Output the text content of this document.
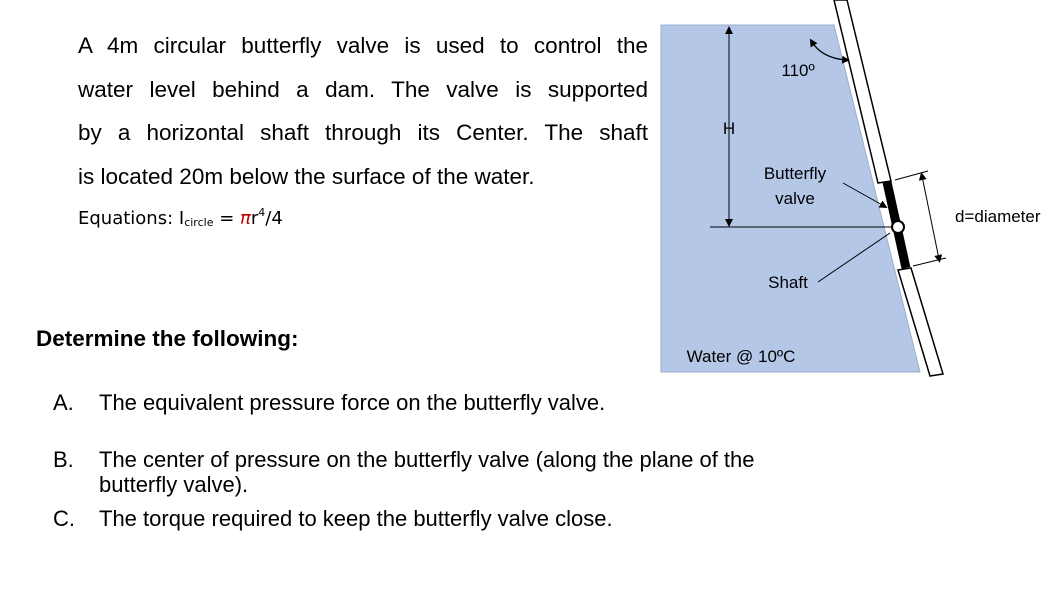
A 4m circular butterfly valve is used to control the
water level behind a dam. The valve is supported
by a horizontal shaft through its Center. The shaft
is located 20m below the surface of the water.

Equations: $I_{circle} = \pi r^4/4$

Determine the following:

A. The equivalent pressure force on the butterfly valve.
B. The center of pressure on the butterfly valve (along the plane of the butterfly valve).
C. The torque required to keep the butterfly valve close.
H
110º
Butterfly
valve
Shaft
Water @ 10ºC
d=diameter
